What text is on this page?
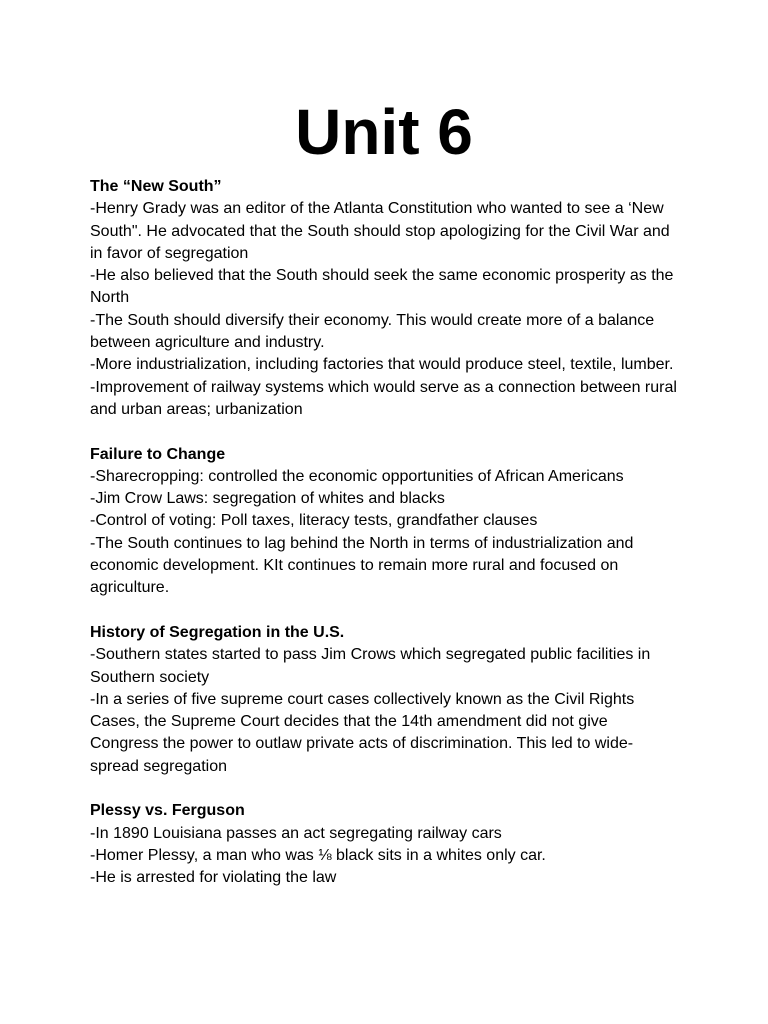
Unit 6
The “New South”
-Henry Grady was an editor of the Atlanta Constitution who wanted to see a ‘New South". He advocated that the South should stop apologizing for the Civil War and in favor of segregation
-He also believed that the South should seek the same economic prosperity as the North
-The South should diversify their economy. This would create more of a balance between agriculture and industry.
-More industrialization, including factories that would produce steel, textile, lumber.
-Improvement of railway systems which would serve as a connection between rural and urban areas; urbanization
Failure to Change
-Sharecropping: controlled the economic opportunities of African Americans
-Jim Crow Laws: segregation of whites and blacks
-Control of voting: Poll taxes, literacy tests, grandfather clauses
-The South continues to lag behind the North in terms of industrialization and economic development. KIt continues to remain more rural and focused on agriculture.
History of Segregation in the U.S.
-Southern states started to pass Jim Crows which segregated public facilities in Southern society
-In a series of five supreme court cases collectively known as the Civil Rights Cases, the Supreme Court decides that the 14th amendment did not give Congress the power to outlaw private acts of discrimination. This led to wide-spread segregation
Plessy vs. Ferguson
-In 1890 Louisiana passes an act segregating railway cars
-Homer Plessy, a man who was ⅛ black sits in a whites only car.
-He is arrested for violating the law
